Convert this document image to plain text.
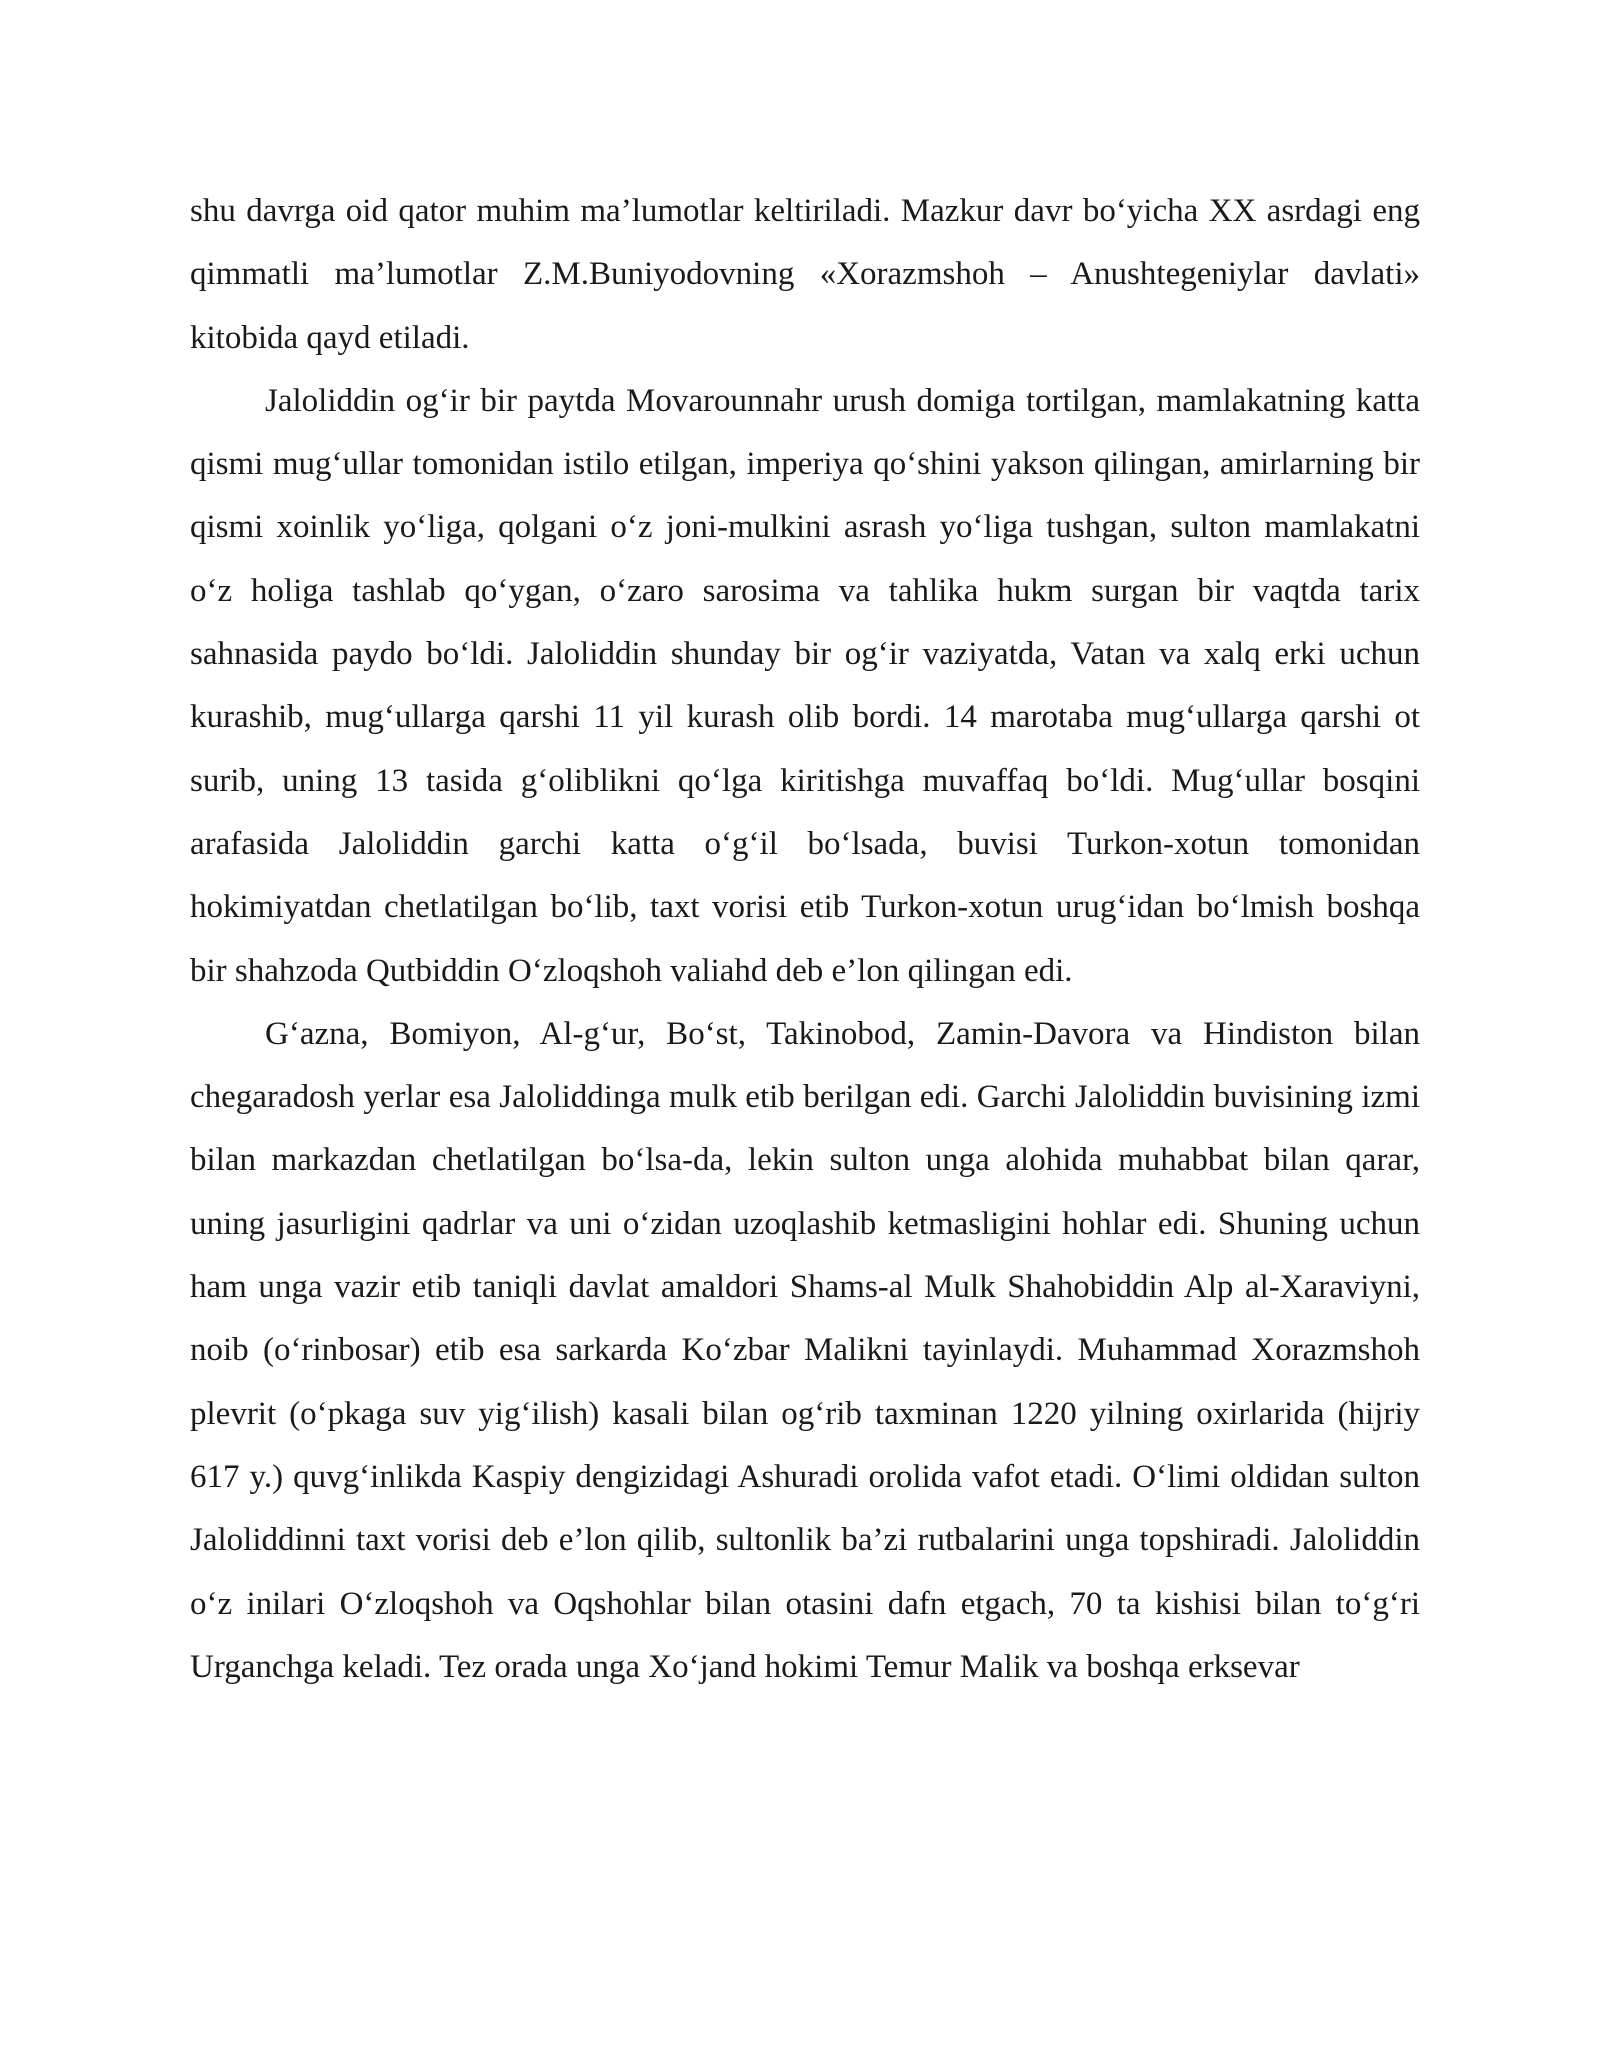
shu davrga oid qator muhim ma’lumotlar keltiriladi. Mazkur davr bo‘yicha XX asrdagi eng qimmatli ma’lumotlar Z.M.Buniyodovning «Xorazmshoh – Anushtegeniylar davlati» kitobida qayd etiladi.

Jaloliddin og‘ir bir paytda Movarounnahr urush domiga tortilgan, mamlakatning katta qismi mug‘ullar tomonidan istilo etilgan, imperiya qo‘shini yakson qilingan, amirlarning bir qismi xoinlik yo‘liga, qolgani o‘z joni-mulkini asrash yo‘liga tushgan, sulton mamlakatni o‘z holiga tashlab qo‘ygan, o‘zaro sarosima va tahlika hukm surgan bir vaqtda tarix sahnasida paydo bo‘ldi. Jaloliddin shunday bir og‘ir vaziyatda, Vatan va xalq erki uchun kurashib, mug‘ullarga qarshi 11 yil kurash olib bordi. 14 marotaba mug‘ullarga qarshi ot surib, uning 13 tasida g‘oliblikni qo‘lga kiritishga muvaffaq bo‘ldi. Mug‘ullar bosqini arafasida Jaloliddin garchi katta o‘g‘il bo‘lsada, buvisi Turkon-xotun tomonidan hokimiyatdan chetlatilgan bo‘lib, taxt vorisi etib Turkon-xotun urug‘idan bo‘lmish boshqa bir shahzoda Qutbiddin O‘zloqshoh valiahd deb e’lon qilingan edi.

G‘azna, Bomiyon, Al-g‘ur, Bo‘st, Takinobod, Zamin-Davora va Hindiston bilan chegaradosh yerlar esa Jaloliddinga mulk etib berilgan edi. Garchi Jaloliddin buvisining izmi bilan markazdan chetlatilgan bo‘lsa-da, lekin sulton unga alohida muhabbat bilan qarar, uning jasurligini qadrlar va uni o‘zidan uzoqlashib ketmasligini hohlar edi. Shuning uchun ham unga vazir etib taniqli davlat amaldori Shams-al Mulk Shahobiddin Alp al-Xaraviyni, noib (o‘rinbosar) etib esa sarkarda Ko‘zbar Malikni tayinlaydi. Muhammad Xorazmshoh plevrit (o‘pkaga suv yig‘ilish) kasali bilan og‘rib taxminan 1220 yilning oxirlarida (hijriy 617 y.) quvg‘inlikda Kaspiy dengizidagi Ashuradi orolida vafot etadi. O‘limi oldidan sulton Jaloliddinni taxt vorisi deb e’lon qilib, sultonlik ba’zi rutbalarini unga topshiradi. Jaloliddin o‘z inilari O‘zloqshoh va Oqshohlar bilan otasini dafn etgach, 70 ta kishisi bilan to‘g‘ri Urganchga keladi. Tez orada unga Xo‘jand hokimi Temur Malik va boshqa erksevar
